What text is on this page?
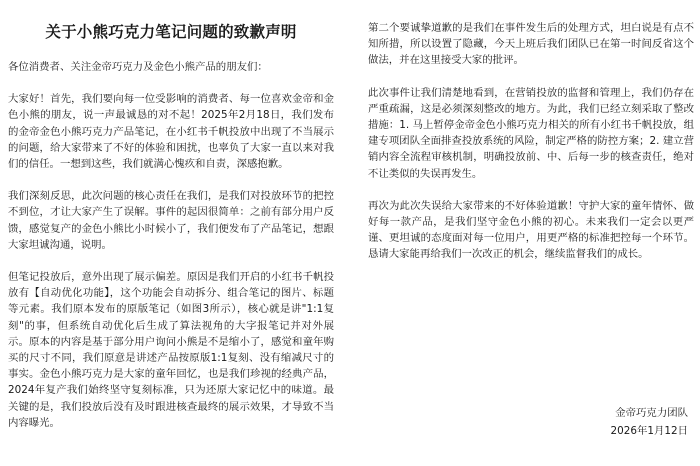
关于小熊巧克力笔记问题的致歉声明

各位消费者、关注金帝巧克力及金色小熊产品的朋友们：

大家好！首先，我们要向每一位受影响的消费者、每一位喜欢金帝和金色小熊的朋友，说一声最诚恳的对不起！2025年2月18日，我们发布的金帝金色小熊巧克力产品笔记，在小红书千帆投放中出现了不当展示的问题，给大家带来了不好的体验和困扰，也辜负了大家一直以来对我们的信任。一想到这些，我们就满心愧疚和自责，深感抱歉。

我们深刻反思，此次问题的核心责任在我们，是我们对投放环节的把控不到位，才让大家产生了误解。事件的起因很简单：之前有部分用户反馈，感觉复产的金色小熊比小时候小了，我们便发布了产品笔记，想跟大家坦诚沟通，说明。

但笔记投放后，意外出现了展示偏差。原因是我们开启的小红书千帆投放有【自动优化功能】，这个功能会自动拆分、组合笔记的图片、标题等元素。我们原本发布的原版笔记（如图3所示），核心就是讲"1:1复刻"的事，但系统自动优化后生成了算法视角的大字报笔记并对外展示。原本的内容是基于部分用户询问小熊是不是缩小了，感觉和童年购买的尺寸不同，我们原意是讲述产品按原版1:1复刻、没有缩减尺寸的事实。金色小熊巧克力是大家的童年回忆，也是我们珍视的经典产品，2024年复产我们始终坚守复刻标准，只为还原大家记忆中的味道。最关键的是，我们投放后没有及时跟进核查最终的展示效果，才导致不当内容曝光。

第二个要诚挚道歉的是我们在事件发生后的处理方式，坦白说是有点不知所措，所以设置了隐藏，今天上班后我们团队已在第一时间反省这个做法，并在这里接受大家的批评。

此次事件让我们清楚地看到，在营销投放的监督和管理上，我们仍存在严重疏漏，这是必须深刻整改的地方。为此，我们已经立刻采取了整改措施：1. 马上暂停金帝金色小熊巧克力相关的所有小红书千帆投放，组建专项团队全面排查投放系统的风险，制定严格的防控方案；2. 建立营销内容全流程审核机制，明确投放前、中、后每一步的核查责任，绝对不让类似的失误再发生。

再次为此次失误给大家带来的不好体验道歉！守护大家的童年情怀、做好每一款产品，是我们坚守金色小熊的初心。未来我们一定会以更严谨、更坦诚的态度面对每一位用户，用更严格的标准把控每一个环节。恳请大家能再给我们一次改正的机会，继续监督我们的成长。

金帝巧克力团队
2026年1月12日
